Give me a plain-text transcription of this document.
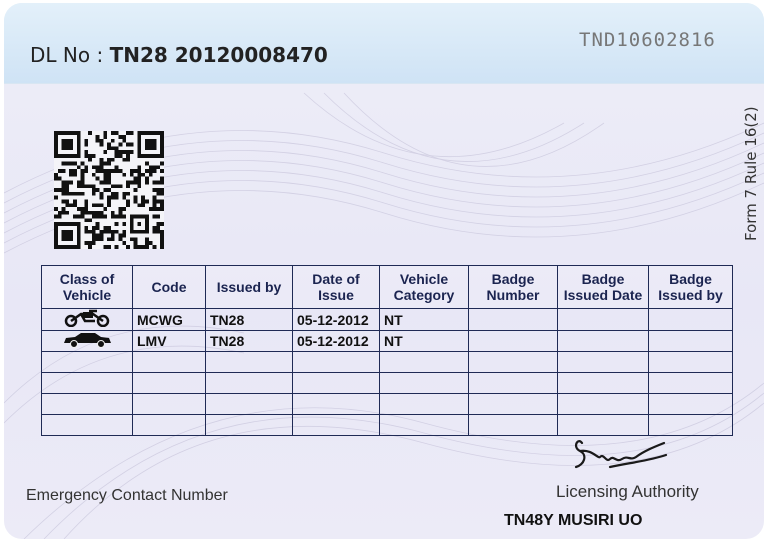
DL No : TN28 20120008470
TND10602816
Form 7 Rule 16(2)
Class of Vehicle	Code	Issued by	Date of Issue	Vehicle Category	Badge Number	Badge Issued Date	Badge Issued by
	MCWG	TN28	05-12-2012	NT			
	LMV	TN28	05-12-2012	NT			

Emergency Contact Number	Licensing Authority
TN48Y MUSIRI UO
